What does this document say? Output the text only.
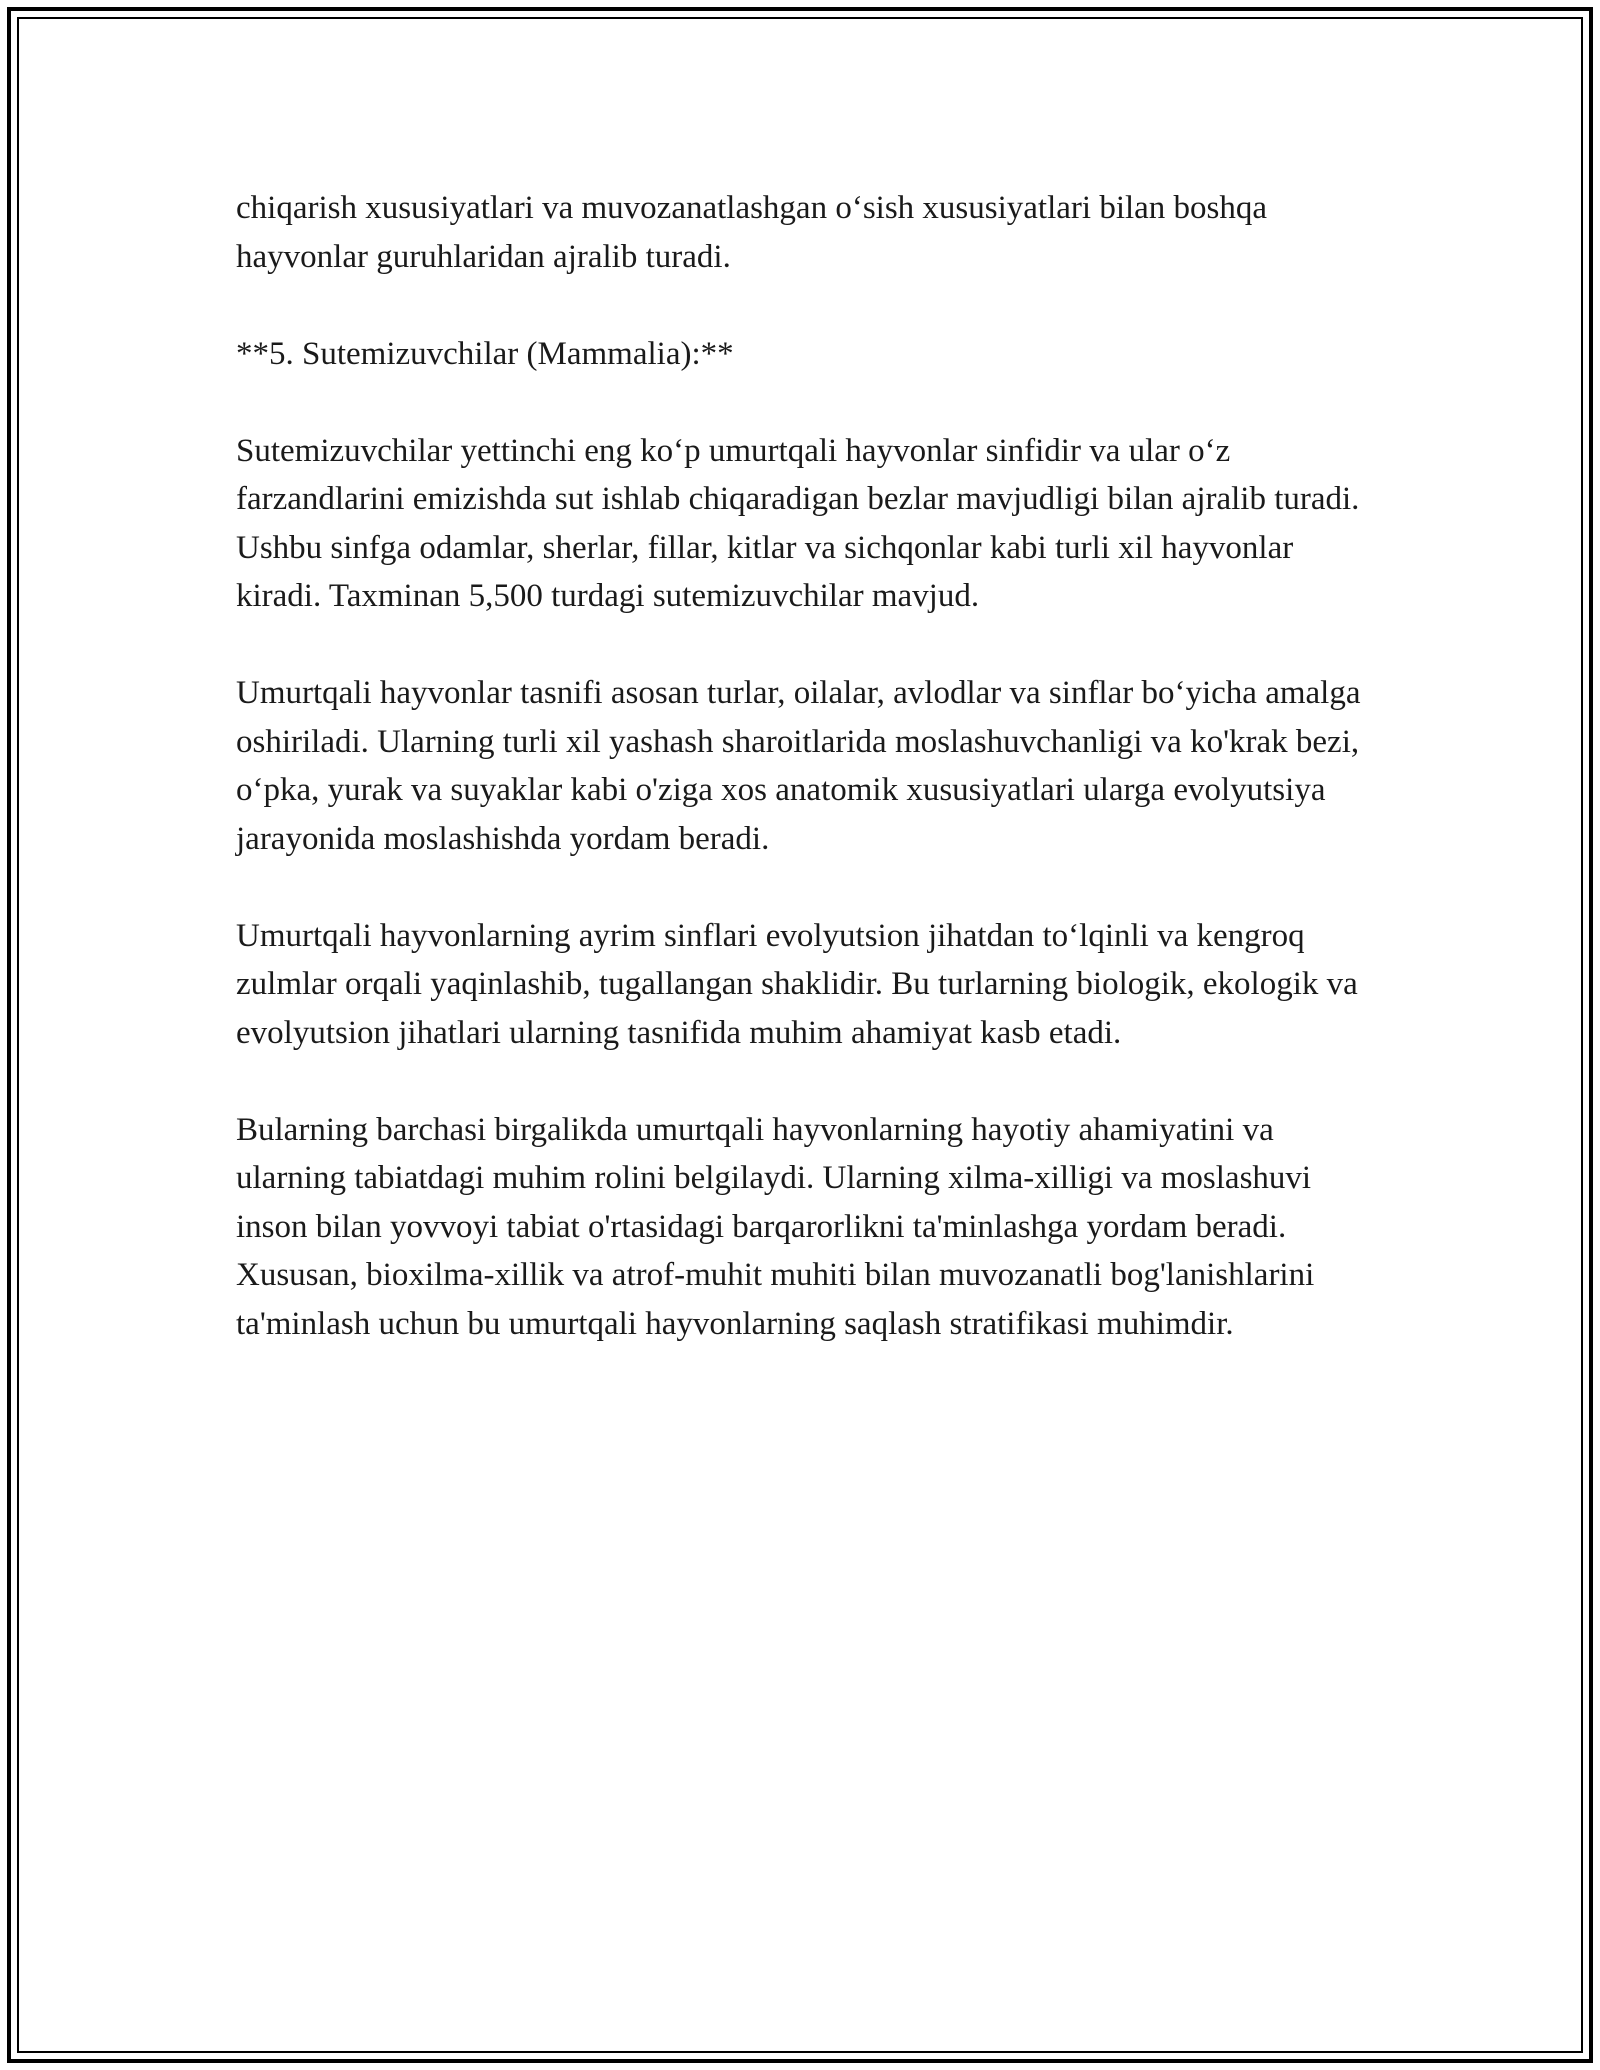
chiqarish xususiyatlari va muvozanatlashgan o‘sish xususiyatlari bilan boshqa hayvonlar guruhlaridan ajralib turadi.

**5. Sutemizuvchilar (Mammalia):**

Sutemizuvchilar yettinchi eng ko‘p umurtqali hayvonlar sinfidir va ular o‘z farzandlarini emizishda sut ishlab chiqaradigan bezlar mavjudligi bilan ajralib turadi. Ushbu sinfga odamlar, sherlar, fillar, kitlar va sichqonlar kabi turli xil hayvonlar kiradi. Taxminan 5,500 turdagi sutemizuvchilar mavjud.

Umurtqali hayvonlar tasnifi asosan turlar, oilalar, avlodlar va sinflar bo‘yicha amalga oshiriladi. Ularning turli xil yashash sharoitlarida moslashuvchanligi va ko'krak bezi, o‘pka, yurak va suyaklar kabi o'ziga xos anatomik xususiyatlari ularga evolyutsiya jarayonida moslashishda yordam beradi.

Umurtqali hayvonlarning ayrim sinflari evolyutsion jihatdan to‘lqinli va kengroq zulmlar orqali yaqinlashib, tugallangan shaklidir. Bu turlarning biologik, ekologik va evolyutsion jihatlari ularning tasnifida muhim ahamiyat kasb etadi.

Bularning barchasi birgalikda umurtqali hayvonlarning hayotiy ahamiyatini va ularning tabiatdagi muhim rolini belgilaydi. Ularning xilma-xilligi va moslashuvi inson bilan yovvoyi tabiat o'rtasidagi barqarorlikni ta'minlashga yordam beradi. Xususan, bioxilma-xillik va atrof-muhit muhiti bilan muvozanatli bog'lanishlarini ta'minlash uchun bu umurtqali hayvonlarning saqlash stratifikasi muhimdir.
